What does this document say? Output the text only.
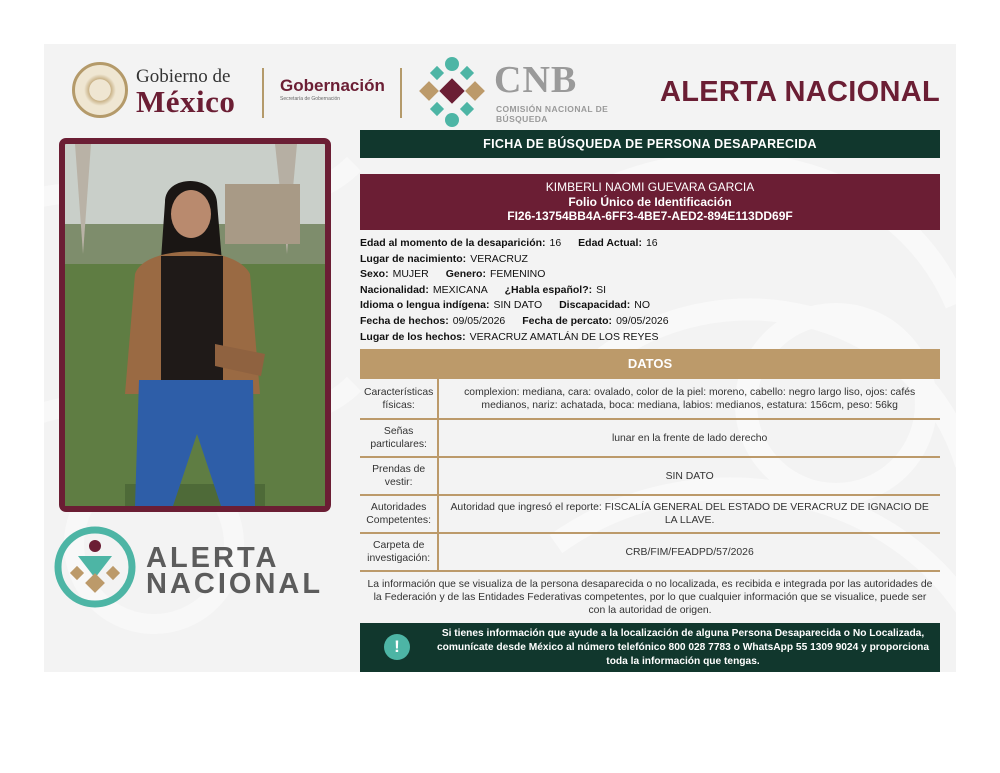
Gobierno de
México	Gobernación
Secretaría de Gobernación	CNB
COMISIÓN NACIONAL DE BÚSQUEDA
ALERTA NACIONAL
ALERTA
NACIONAL
FICHA DE BÚSQUEDA DE PERSONA DESAPARECIDA
KIMBERLI NAOMI GUEVARA GARCIA
Folio Único de Identificación
FI26-13754BB4A-6FF3-4BE7-AED2-894E113DD69F
Edad al momento de la desaparición: 16 Edad Actual: 16
Lugar de nacimiento: VERACRUZ
Sexo: MUJER Genero: FEMENINO
Nacionalidad: MEXICANA ¿Habla español?: SI
Idioma o lengua indígena: SIN DATO Discapacidad: NO
Fecha de hechos: 09/05/2026 Fecha de percato: 09/05/2026
Lugar de los hechos: VERACRUZ AMATLÁN DE LOS REYES
DATOS
Características físicas:	complexion: mediana, cara: ovalado, color de la piel: moreno, cabello: negro largo liso, ojos: cafés medianos, nariz: achatada, boca: mediana, labios: medianos, estatura: 156cm, peso: 56kg
Señas particulares:	lunar en la frente de lado derecho
Prendas de vestir:	SIN DATO
Autoridades Competentes:	Autoridad que ingresó el reporte: FISCALÍA GENERAL DEL ESTADO DE VERACRUZ DE IGNACIO DE LA LLAVE.
Carpeta de investigación:	CRB/FIM/FEADPD/57/2026
La información que se visualiza de la persona desaparecida o no localizada, es recibida e integrada por las autoridades de la Federación y de las Entidades Federativas competentes, por lo que cualquier información que se visualice, puede ser con la autoridad de origen.
!
Si tienes información que ayude a la localización de alguna Persona Desaparecida o No Localizada, comunícate desde México al número telefónico 800 028 7783 o WhatsApp 55 1309 9024 y proporciona toda la información que tengas.
